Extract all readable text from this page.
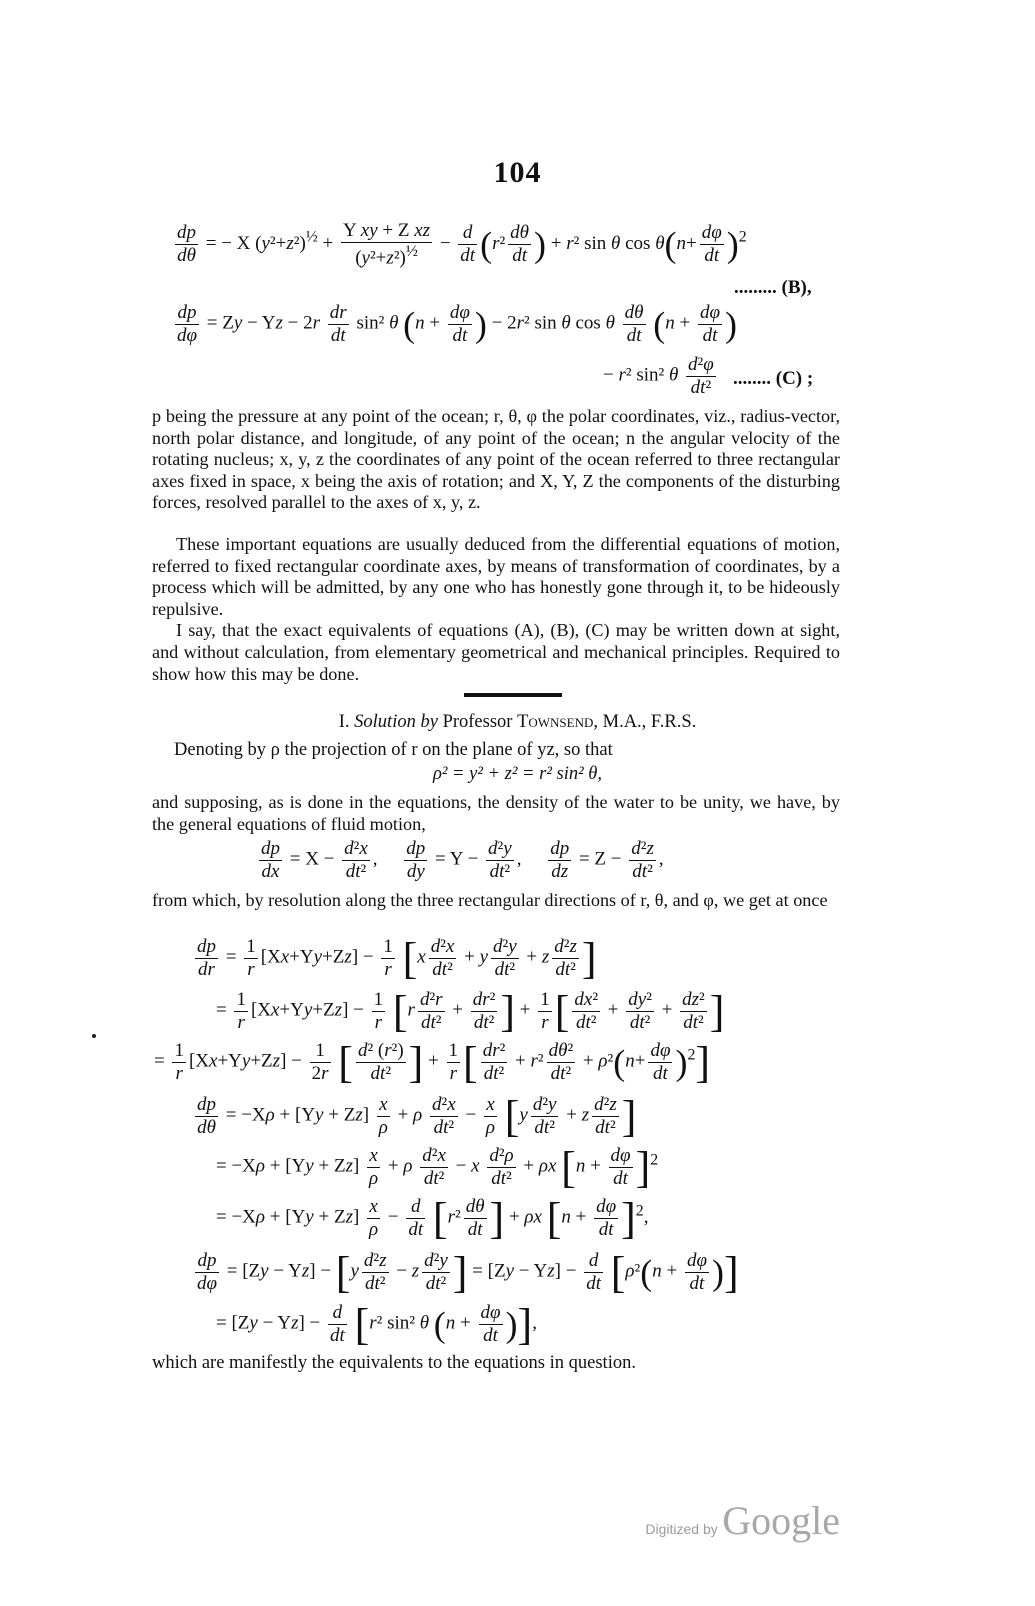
104
$\frac{dp}{d\theta}$ = − X $(y^2+z^2)^{\frac{1}{2}} + \frac{\text{Y xy + Z xz}}{(y^2+z^2)^{\frac{1}{2}}} - \frac{d}{dt} (r^2 \frac{d\theta}{dt}$ ) + r² sin θ $\cos \theta(n+ \frac{d\varphi}{dt} )^2$
......... (B),
$\frac{dp}{d\varphi} = Zy - Yz - 2r \frac{dr}{dt} \sin^2$ θ ($n + \frac{d\varphi}{dt}$ ) − 2r² sin θ cos θ $\frac{d\theta}{dt} (n + \frac{d\varphi}{dt}$ )
− r² sin² θ $\frac{\text{d²φ}}{\text{dt²}}$ ........ (C) ;

p being the pressure at any point of the ocean; r, θ, φ the polar coordinates, viz., radius-vector, north polar distance, and longitude, of any point of the ocean; n the angular velocity of the rotating nucleus; x, y, z the coordinates of any point of the ocean referred to three rectangular axes fixed in space, x being the axis of rotation; and X, Y, Z the components of the disturbing forces, resolved parallel to the axes of x, y, z.

These important equations are usually deduced from the differential equations of motion, referred to fixed rectangular coordinate axes, by means of transformation of coordinates, by a process which will be admitted, by any one who has honestly gone through it, to be hideously repulsive.

I say, that the exact equivalents of equations (A), (B), (C) may be written down at sight, and without calculation, from elementary geometrical and mechanical principles. Required to show how this may be done.

I. Solution by Professor Townsend, M.A., F.R.S.
Denoting by ρ the projection of r on the plane of yz, so that
ρ² = y² + z² = r² sin² θ,
and supposing, as is done in the equations, the density of the water to be unity, we have, by the general equations of fluid motion,
$\frac{dp}{dx} = X - \frac{\text{d²x}}{\text{dt²}}$ , $\frac{dp}{dy} = Y - \frac{\text{d²y}}{\text{dt²}}$ , $\frac{dp}{dz} = Z - \frac{\text{d²z}}{\text{dt²}}$ ,
from which, by resolution along the three rectangular directions of r, θ, and φ, we get at once
$\frac{dp}{dr} = \frac{1}{r} [Xx+Yy+Zz] - \frac{1}{r} [x \frac{\text{d²x}}{\text{dt²}} + y \frac{\text{d²y}}{\text{dt²}} + z \frac{\text{d²z}}{\text{dt²}}$ ]
= $\frac{1}{r} [Xx+Yy+Zz] - \frac{1}{r} [r \frac{\text{d²r}}{\text{dt²}} + \frac{\text{dr²}}{\text{dt²}}$ ] + $\frac{1}{r}$ [ $\frac{\text{dx²}}{\text{dt²}} + \frac{\text{dy²}}{\text{dt²}} + \frac{\text{dz²}}{\text{dt²}}$ ]
= $\frac{1}{r} [Xx+Yy+Zz] - \frac{1}{2r}$ [ $\frac{\text{d² (r²)}}{\text{dt²}}$ ] + $\frac{1}{r}$ [ $\frac{\text{dr²}}{\text{dt²}} + r^2 \frac{\text{dθ²}}{\text{dt²}} + \rho^2(n+ \frac{d\varphi}{dt} )^2$]
$\frac{dp}{d\theta} = -X\rho + [Yy + Zz] \frac{x}{\rho} + \rho \frac{\text{d²x}}{\text{dt²}} - \frac{x}{\rho} [y \frac{\text{d²y}}{\text{dt²}} + z \frac{\text{d²z}}{\text{dt²}}$ ]
= $-X\rho + [Yy + Zz] \frac{x}{\rho} + \rho \frac{\text{d²x}}{\text{dt²}} - x \frac{\text{d²ρ}}{\text{dt²}} + \rho x$ $[n + \frac{d\varphi}{dt} ]^2$
= $-X\rho + [Yy + Zz] \frac{x}{\rho} - \frac{d}{dt} [r^2 \frac{d\theta}{dt}$ ] + ρx $[n + \frac{d\varphi}{dt} ]^2$,
$\frac{dp}{d\varphi} = [Zy - Yz] - [y \frac{\text{d²z}}{\text{dt²}} - z \frac{\text{d²y}}{\text{dt²}}$ ] = $[Zy - Yz] - \frac{d}{dt} [\rho^2(n + \frac{d\varphi}{dt}$ )]
= $[Zy - Yz] - \frac{d}{dt} [r^2$ sin² θ ($n + \frac{d\varphi}{dt}$ )],
which are manifestly the equivalents to the equations in question.
Digitized by Google
